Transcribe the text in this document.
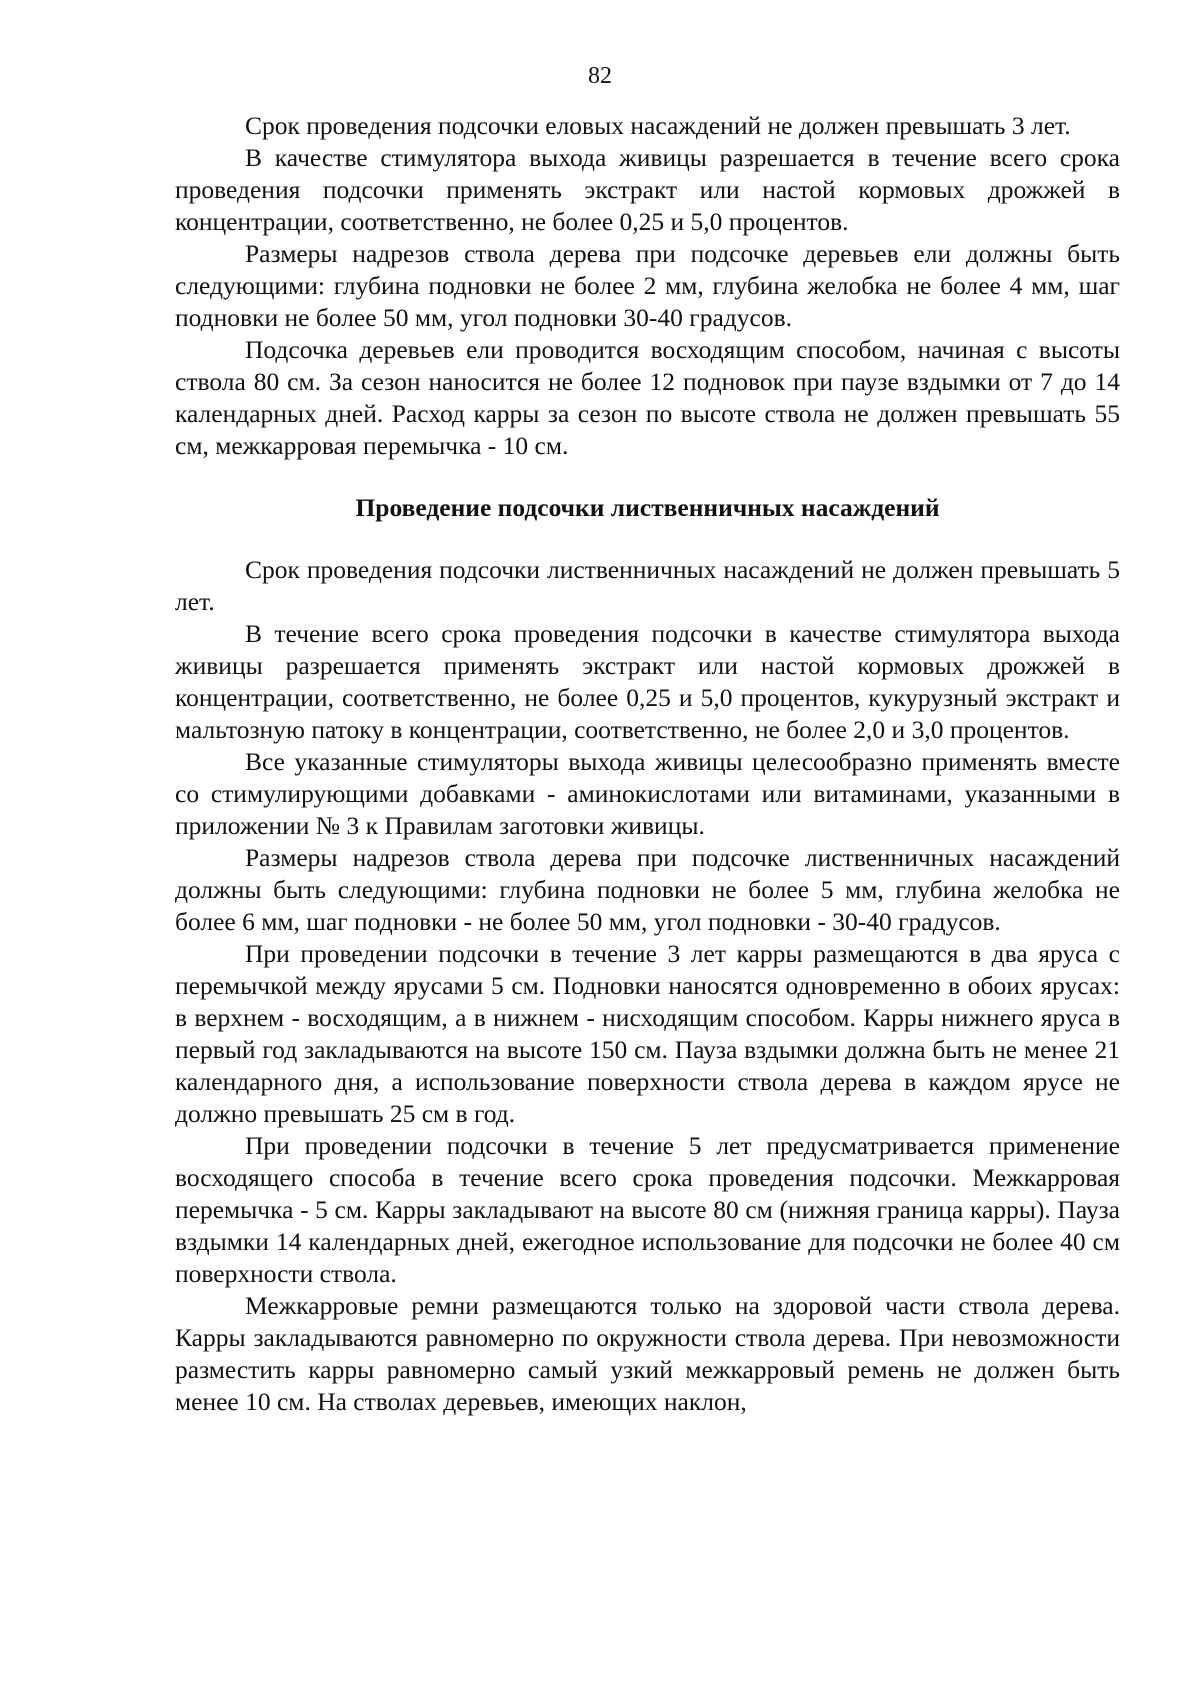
82

Срок проведения подсочки еловых насаждений не должен превышать 3 лет.

В качестве стимулятора выхода живицы разрешается в течение всего срока проведения подсочки применять экстракт или настой кормовых дрожжей в концентрации, соответственно, не более 0,25 и 5,0 процентов.

Размеры надрезов ствола дерева при подсочке деревьев ели должны быть следующими: глубина подновки не более 2 мм, глубина желобка не более 4 мм, шаг подновки не более 50 мм, угол подновки 30-40 градусов.

Подсочка деревьев ели проводится восходящим способом, начиная с высоты ствола 80 см. За сезон наносится не более 12 подновок при паузе вздымки от 7 до 14 календарных дней. Расход карры за сезон по высоте ствола не должен превышать 55 см, межкарровая перемычка - 10 см.

Проведение подсочки лиственничных насаждений

Срок проведения подсочки лиственничных насаждений не должен превышать 5 лет.

В течение всего срока проведения подсочки в качестве стимулятора выхода живицы разрешается применять экстракт или настой кормовых дрожжей в концентрации, соответственно, не более 0,25 и 5,0 процентов, кукурузный экстракт и мальтозную патоку в концентрации, соответственно, не более 2,0 и 3,0 процентов.

Все указанные стимуляторы выхода живицы целесообразно применять вместе со стимулирующими добавками - аминокислотами или витаминами, указанными в приложении № 3 к Правилам заготовки живицы.

Размеры надрезов ствола дерева при подсочке лиственничных насаждений должны быть следующими: глубина подновки не более 5 мм, глубина желобка не более 6 мм, шаг подновки - не более 50 мм, угол подновки - 30-40 градусов.

При проведении подсочки в течение 3 лет карры размещаются в два яруса с перемычкой между ярусами 5 см. Подновки наносятся одновременно в обоих ярусах: в верхнем - восходящим, а в нижнем - нисходящим способом. Карры нижнего яруса в первый год закладываются на высоте 150 см. Пауза вздымки должна быть не менее 21 календарного дня, а использование поверхности ствола дерева в каждом ярусе не должно превышать 25 см в год.

При проведении подсочки в течение 5 лет предусматривается применение восходящего способа в течение всего срока проведения подсочки. Межкарровая перемычка - 5 см. Карры закладывают на высоте 80 см (нижняя граница карры). Пауза вздымки 14 календарных дней, ежегодное использование для подсочки не более 40 см поверхности ствола.

Межкарровые ремни размещаются только на здоровой части ствола дерева. Карры закладываются равномерно по окружности ствола дерева. При невозможности разместить карры равномерно самый узкий межкарровый ремень не должен быть менее 10 см. На стволах деревьев, имеющих наклон,
